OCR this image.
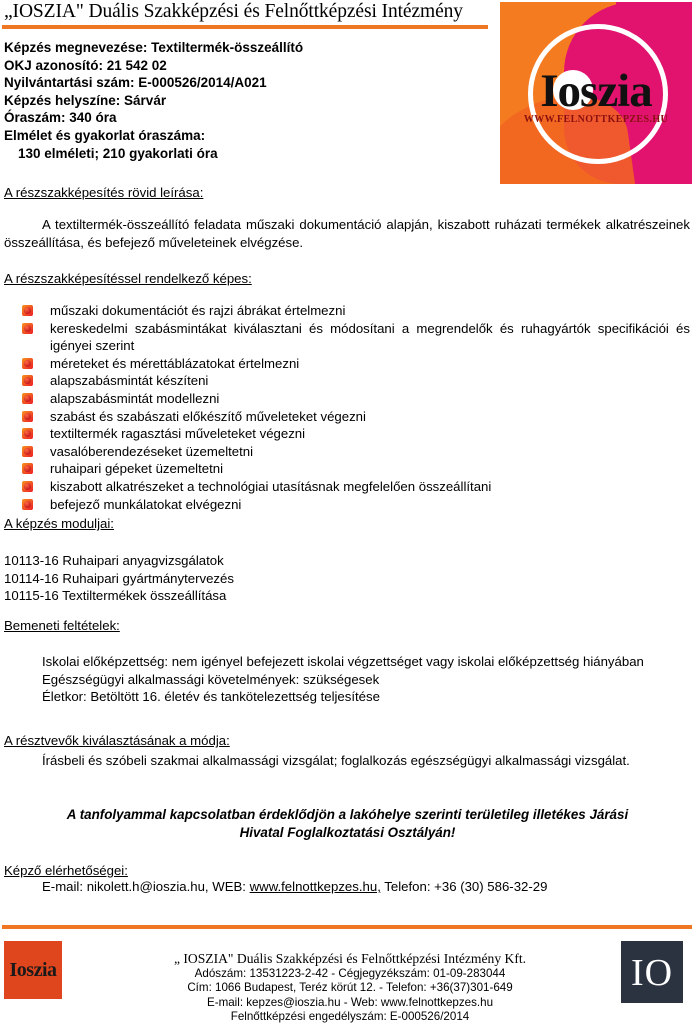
„IOSZIA" Duális Szakképzési és Felnőttképzési Intézmény
Ioszia
WWW.FELNOTTKEPZES.HU
Képzés megnevezése: Textiltermék-összeállító
OKJ azonosító: 21 542 02
Nyilvántartási szám: E-000526/2014/A021
Képzés helyszíne: Sárvár
Óraszám: 340 óra
Elmélet és gyakorlat óraszáma:
130 elméleti; 210 gyakorlati óra
A részszakképesítés rövid leírása:
A textiltermék-összeállító feladata műszaki dokumentáció alapján, kiszabott ruházati termékek alkatrészeinek összeállítása, és befejező műveleteinek elvégzése.
A részszakképesítéssel rendelkező képes:
műszaki dokumentációt és rajzi ábrákat értelmezni
kereskedelmi szabásmintákat kiválasztani és módosítani a megrendelők és ruhagyártók specifikációi és igényei szerint
méreteket és mérettáblázatokat értelmezni
alapszabásmintát készíteni
alapszabásmintát modellezni
szabást és szabászati előkészítő műveleteket végezni
textiltermék ragasztási műveleteket végezni
vasalóberendezéseket üzemeltetni
ruhaipari gépeket üzemeltetni
kiszabott alkatrészeket a technológiai utasításnak megfelelően összeállítani
befejező munkálatokat elvégezni
A képzés moduljai:
10113-16 Ruhaipari anyagvizsgálatok
10114-16 Ruhaipari gyártmánytervezés
10115-16 Textiltermékek összeállítása
Bemeneti feltételek:
Iskolai előképzettség: nem igényel befejezett iskolai végzettséget vagy iskolai előképzettség hiányában
Egészségügyi alkalmassági követelmények: szükségesek
Életkor: Betöltött 16. életév és tankötelezettség teljesítése
A résztvevők kiválasztásának a módja:
Írásbeli és szóbeli szakmai alkalmassági vizsgálat; foglalkozás egészségügyi alkalmassági vizsgálat.
A tanfolyammal kapcsolatban érdeklődjön a lakóhelye szerinti területileg illetékes Járási
Hivatal Foglalkoztatási Osztályán!
Képző elérhetőségei:
E-mail: nikolett.h@ioszia.hu, WEB: www.felnottkepzes.hu, Telefon: +36 (30) 586-32-29
Ioszia
„ IOSZIA" Duális Szakképzési és Felnőttképzési Intézmény Kft.
Adószám: 13531223-2-42 - Cégjegyzékszám: 01-09-283044
Cím: 1066 Budapest, Teréz körút 12. - Telefon: +36(37)301-649
E-mail: kepzes@ioszia.hu - Web: www.felnottkepzes.hu
Felnőttképzési engedélyszám: E-000526/2014
IO
